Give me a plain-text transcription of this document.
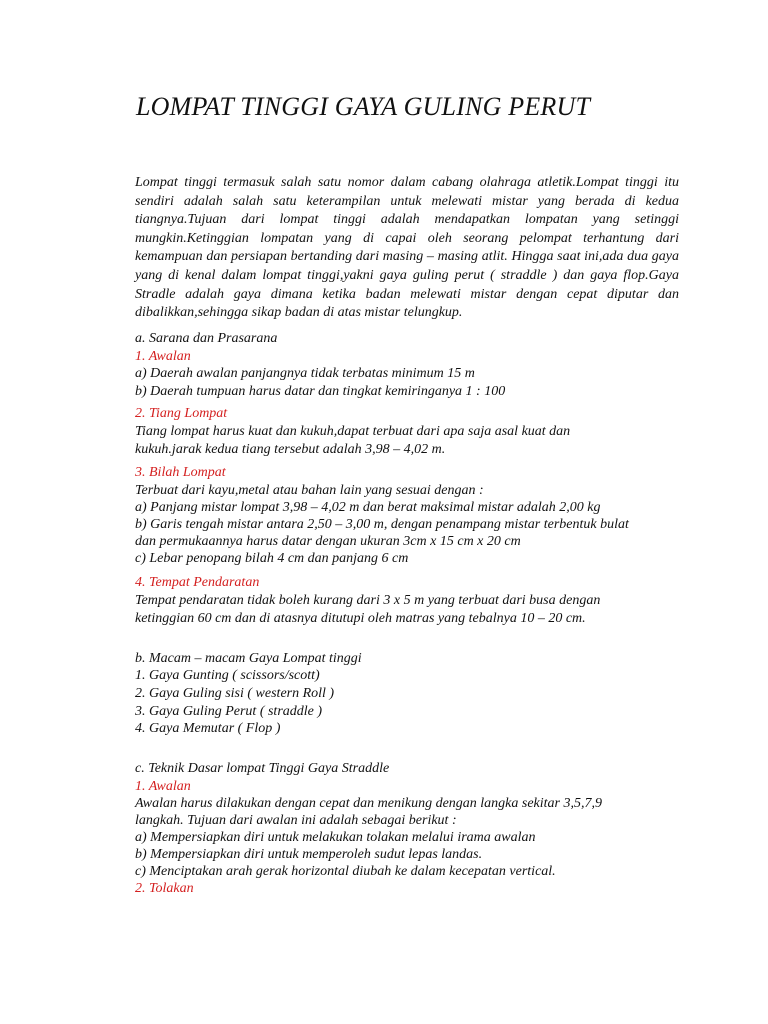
LOMPAT TINGGI GAYA GULING PERUT

Lompat tinggi termasuk salah satu nomor dalam cabang olahraga atletik.Lompat tinggi itu sendiri adalah salah satu keterampilan untuk melewati mistar yang berada di kedua tiangnya.Tujuan dari lompat tinggi adalah mendapatkan lompatan yang setinggi mungkin.Ketinggian lompatan yang di capai oleh seorang pelompat terhantung dari kemampuan dan persiapan bertanding dari masing – masing atlit. Hingga saat ini,ada dua gaya yang di kenal dalam lompat tinggi,yakni gaya guling perut ( straddle ) dan gaya flop.Gaya Stradle adalah gaya dimana ketika badan melewati mistar dengan cepat diputar dan dibalikkan,sehingga sikap badan di atas mistar telungkup.

a. Sarana dan Prasarana
1. Awalan
a) Daerah awalan panjangnya tidak terbatas minimum 15 m
b) Daerah tumpuan harus datar dan tingkat kemiringanya 1 : 100
2. Tiang Lompat
Tiang lompat harus kuat dan kukuh,dapat terbuat dari apa saja asal kuat dan
kukuh.jarak kedua tiang tersebut adalah 3,98 – 4,02 m.
3. Bilah Lompat
Terbuat dari kayu,metal atau bahan lain yang sesuai dengan :
a) Panjang mistar lompat 3,98 – 4,02 m dan berat maksimal mistar adalah 2,00 kg
b) Garis tengah mistar antara 2,50 – 3,00 m, dengan penampang mistar terbentuk bulat
dan permukaannya harus datar dengan ukuran 3cm x 15 cm x 20 cm
c) Lebar penopang bilah 4 cm dan panjang 6 cm
4. Tempat Pendaratan
Tempat pendaratan tidak boleh kurang dari 3 x 5 m yang terbuat dari busa dengan
ketinggian 60 cm dan di atasnya ditutupi oleh matras yang tebalnya 10 – 20 cm.
b. Macam – macam Gaya Lompat tinggi
1. Gaya Gunting ( scissors/scott)
2. Gaya Guling sisi ( western Roll )
3. Gaya Guling Perut ( straddle )
4. Gaya Memutar ( Flop )
c. Teknik Dasar lompat Tinggi Gaya Straddle
1. Awalan
Awalan harus dilakukan dengan cepat dan menikung dengan langka sekitar 3,5,7,9
langkah. Tujuan dari awalan ini adalah sebagai berikut :
a) Mempersiapkan diri untuk melakukan tolakan melalui irama awalan
b) Mempersiapkan diri untuk memperoleh sudut lepas landas.
c) Menciptakan arah gerak horizontal diubah ke dalam kecepatan vertical.
2. Tolakan
